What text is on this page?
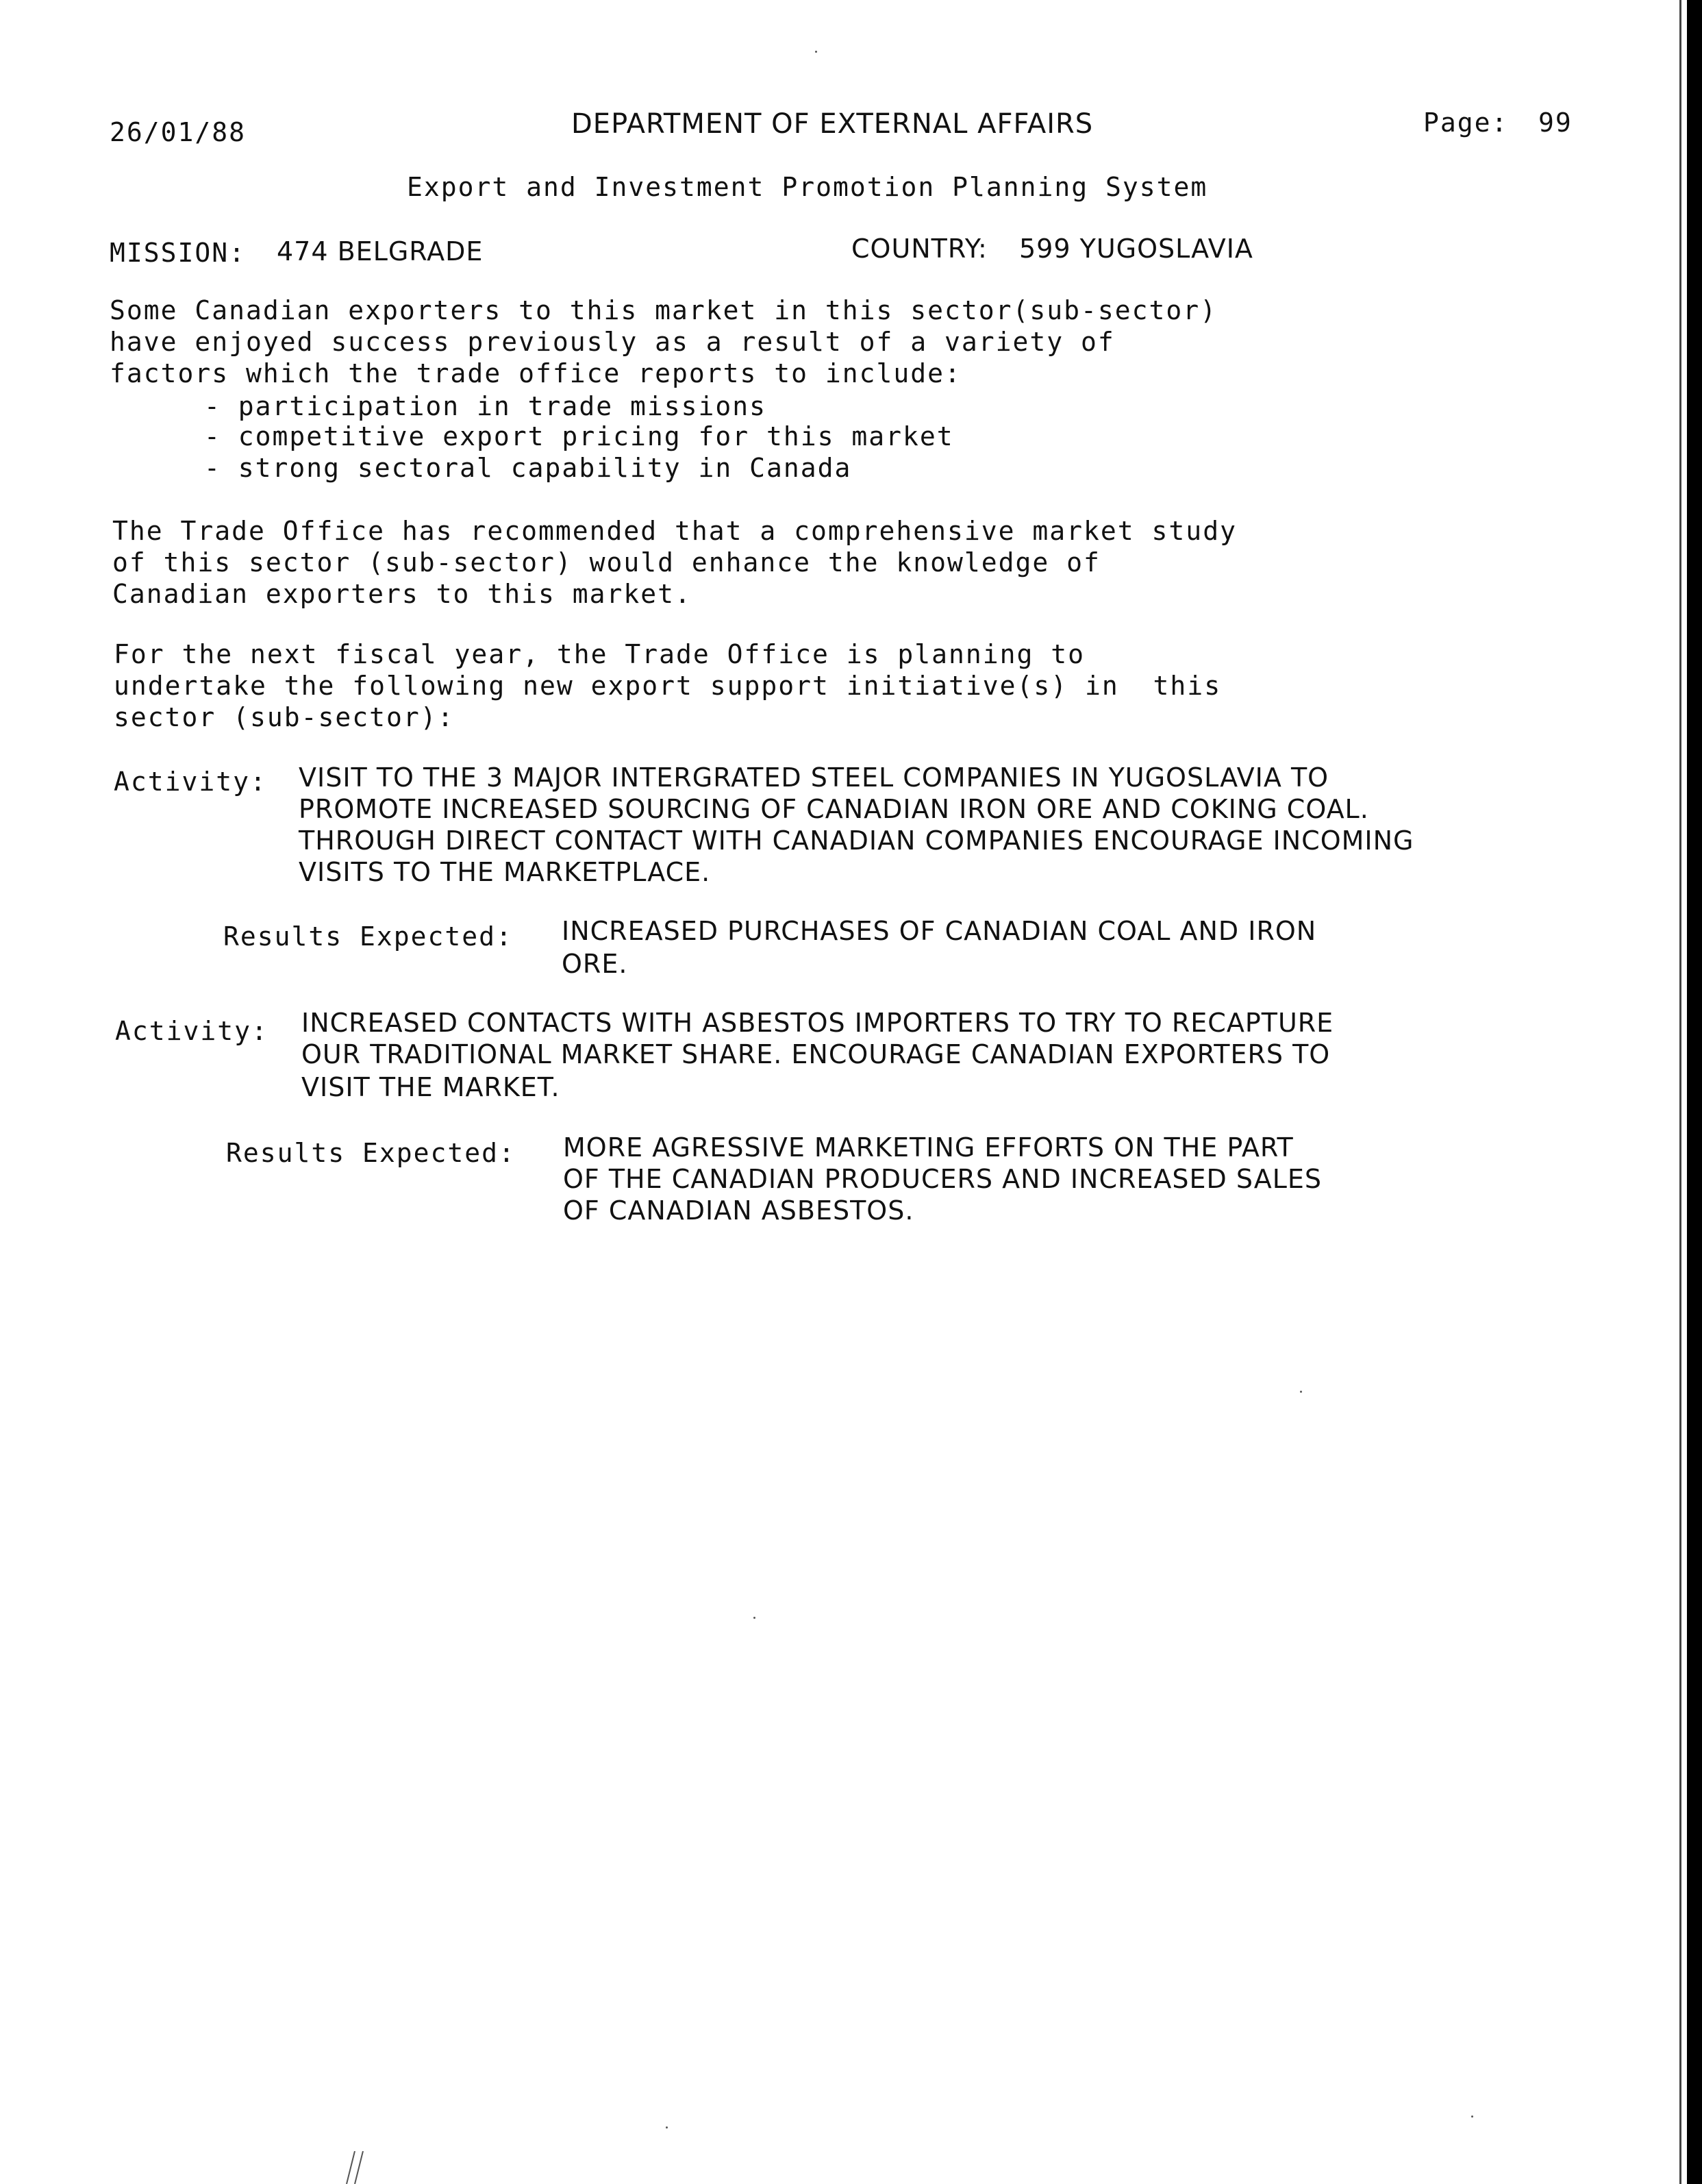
26/01/88	DEPARTMENT OF EXTERNAL AFFAIRS	Page: 99
Export and Investment Promotion Planning System
MISSION: 474 BELGRADE	COUNTRY: 599 YUGOSLAVIA
Some Canadian exporters to this market in this sector(sub-sector)
have enjoyed success previously as a result of a variety of
factors which the trade office reports to include:
- participation in trade missions
- competitive export pricing for this market
- strong sectoral capability in Canada
The Trade Office has recommended that a comprehensive market study
of this sector (sub-sector) would enhance the knowledge of
Canadian exporters to this market.
For the next fiscal year, the Trade Office is planning to
undertake the following new export support initiative(s) in  this
sector (sub-sector):
Activity: VISIT TO THE 3 MAJOR INTERGRATED STEEL COMPANIES IN YUGOSLAVIA TO
PROMOTE INCREASED SOURCING OF CANADIAN IRON ORE AND COKING COAL.
THROUGH DIRECT CONTACT WITH CANADIAN COMPANIES ENCOURAGE INCOMING
VISITS TO THE MARKETPLACE.
Results Expected: INCREASED PURCHASES OF CANADIAN COAL AND IRON
ORE.
Activity: INCREASED CONTACTS WITH ASBESTOS IMPORTERS TO TRY TO RECAPTURE
OUR TRADITIONAL MARKET SHARE. ENCOURAGE CANADIAN EXPORTERS TO
VISIT THE MARKET.
Results Expected: MORE AGRESSIVE MARKETING EFFORTS ON THE PART
OF THE CANADIAN PRODUCERS AND INCREASED SALES
OF CANADIAN ASBESTOS.
